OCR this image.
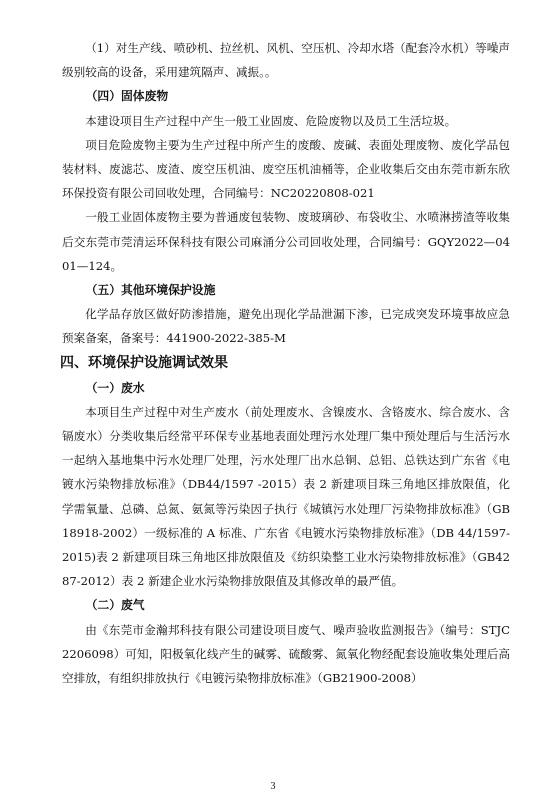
（1）对生产线、喷砂机、拉丝机、风机、空压机、冷却水塔（配套冷水机）等噪声级别较高的设备，采用建筑隔声、减振。。

（四）固体废物

本建设项目生产过程中产生一般工业固废、危险废物以及员工生活垃圾。

项目危险废物主要为生产过程中所产生的废酸、废碱、表面处理废物、废化学品包装材料、废滤芯、废渣、废空压机油、废空压机油桶等，企业收集后交由东莞市新东欣环保投资有限公司回收处理，合同编号：NC20220808-021

一般工业固体废物主要为普通废包装物、废玻璃砂、布袋收尘、水喷淋捞渣等收集后交东莞市莞清运环保科技有限公司麻涌分公司回收处理，合同编号：GQY2022—0401—124。

（五）其他环境保护设施

化学品存放区做好防渗措施，避免出现化学品泄漏下渗，已完成突发环境事故应急预案备案，备案号：441900-2022-385-M

四、环境保护设施调试效果
（一）废水

本项目生产过程中对生产废水（前处理废水、含镍废水、含铬废水、综合废水、含镉废水）分类收集后经常平环保专业基地表面处理污水处理厂集中预处理后与生活污水一起纳入基地集中污水处理厂处理，污水处理厂出水总铜、总铝、总铁达到广东省《电镀水污染物排放标准》（DB44/1597 -2015）表 2 新建项目珠三角地区排放限值，化学需氧量、总磷、总氮、氨氮等污染因子执行《城镇污水处理厂污染物排放标准》（GB 18918-2002）一级标准的 A 标准、广东省《电镀水污染物排放标准》（DB 44/1597-2015)表 2 新建项目珠三角地区排放限值及《纺织染整工业水污染物排放标准》（GB4287-2012）表 2 新建企业水污染物排放限值及其修改单的最严值。

（二）废气

由《东莞市金瀚邦科技有限公司建设项目废气、噪声验收监测报告》（编号：STJC2206098）可知，阳极氧化线产生的碱雾、硫酸雾、氮氧化物经配套设施收集处理后高空排放，有组织排放执行《电镀污染物排放标准》（GB21900-2008）

3
